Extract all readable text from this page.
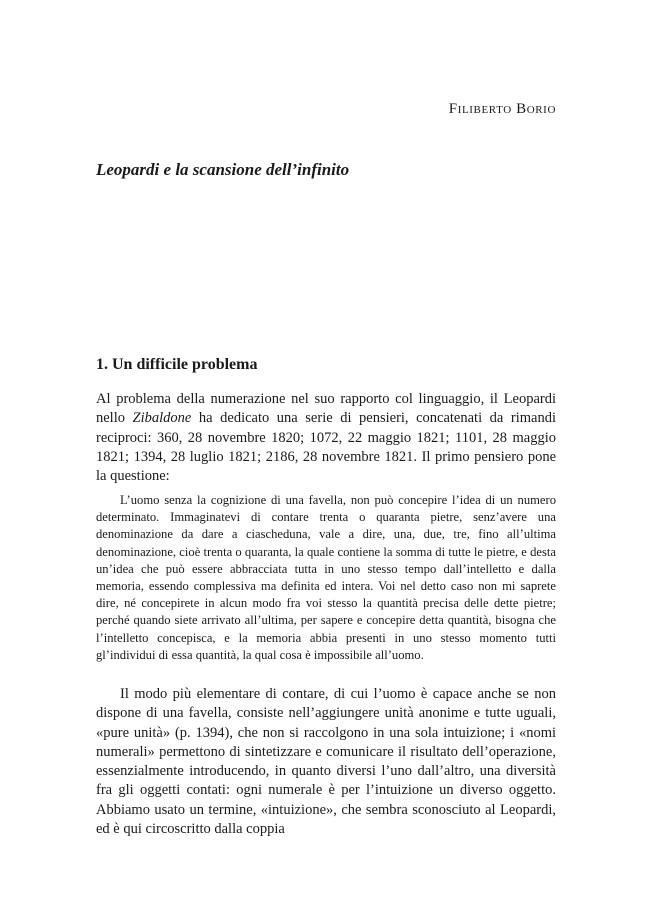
Filiberto Borio
Leopardi e la scansione dell’infinito
1. Un difficile problema

Al problema della numerazione nel suo rapporto col linguaggio, il Leopardi nello Zibaldone ha dedicato una serie di pensieri, concatenati da rimandi reciproci: 360, 28 novembre 1820; 1072, 22 maggio 1821; 1101, 28 maggio 1821; 1394, 28 luglio 1821; 2186, 28 novembre 1821. Il primo pensiero pone la questione:

L’uomo senza la cognizione di una favella, non può concepire l’idea di un numero determinato. Immaginatevi di contare trenta o quaranta pietre, senz’avere una denominazione da dare a ciascheduna, vale a dire, una, due, tre, fino all’ultima denominazione, cioè trenta o quaranta, la quale contiene la somma di tutte le pietre, e desta un’idea che può essere abbracciata tutta in uno stesso tempo dall’intelletto e dalla memoria, essendo complessiva ma definita ed intera. Voi nel detto caso non mi saprete dire, né concepirete in alcun modo fra voi stesso la quantità precisa delle dette pietre; perché quando siete arrivato all’ultima, per sapere e concepire detta quantità, bisogna che l’intelletto concepisca, e la memoria abbia presenti in uno stesso momento tutti gl’individui di essa quantità, la qual cosa è impossibile all’uomo.

Il modo più elementare di contare, di cui l’uomo è capace anche se non dispone di una favella, consiste nell’aggiungere unità anonime e tutte uguali, «pure unità» (p. 1394), che non si raccolgono in una sola intuizione; i «nomi numerali» permettono di sintetizzare e comunicare il risultato dell’operazione, essenzialmente introducendo, in quanto diversi l’uno dall’altro, una diversità fra gli oggetti contati: ogni numerale è per l’intuizione un diverso oggetto. Abbiamo usato un termine, «intuizione», che sembra sconosciuto al Leopardi, ed è qui circoscritto dalla coppia
